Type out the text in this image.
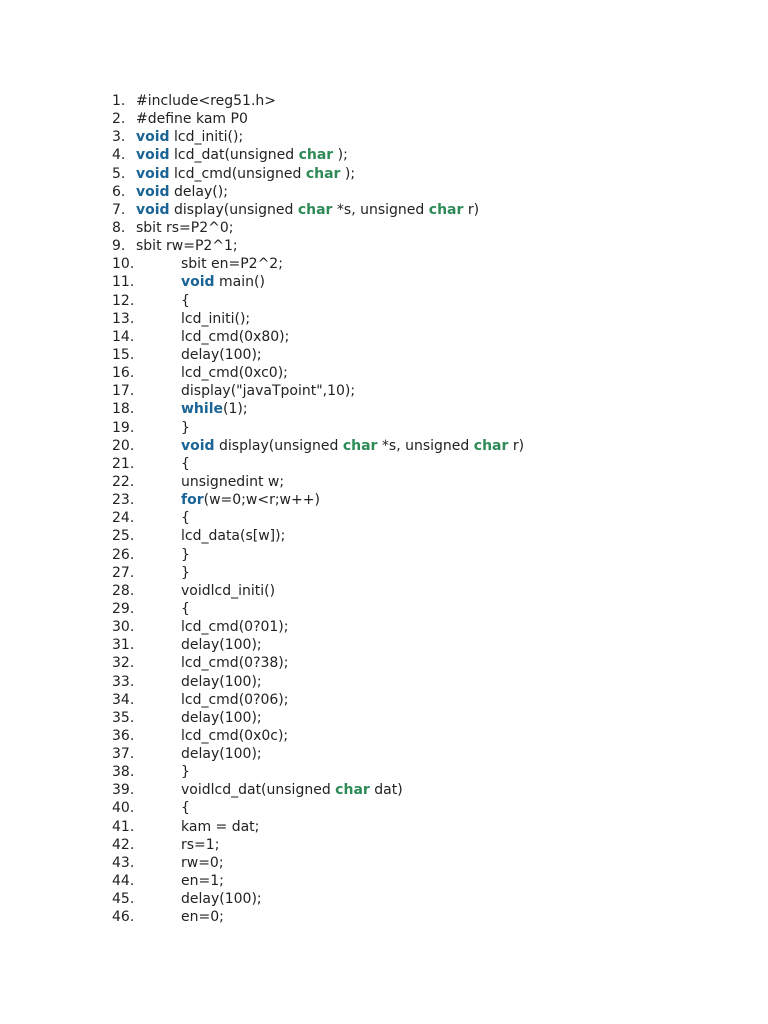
1. #include<reg51.h>
2. #define kam P0
3. void lcd_initi();
4. void lcd_dat(unsigned char );
5. void lcd_cmd(unsigned char );
6. void delay();
7. void display(unsigned char *s, unsigned char r)
8. sbit rs=P2^0;
9. sbit rw=P2^1;
10.	sbit en=P2^2;
11.	void main()
12.	{
13.	lcd_initi();
14.	lcd_cmd(0x80);
15.	delay(100);
16.	lcd_cmd(0xc0);
17.	display("javaTpoint",10);
18.	while(1);
19.	}
20.	void display(unsigned char *s, unsigned char r)
21.	{
22.	unsignedint w;
23.	for(w=0;w<r;w++)
24.	{
25.	lcd_data(s[w]);
26.	}
27.	}
28.	voidlcd_initi()
29.	{
30.	lcd_cmd(0?01);
31.	delay(100);
32.	lcd_cmd(0?38);
33.	delay(100);
34.	lcd_cmd(0?06);
35.	delay(100);
36.	lcd_cmd(0x0c);
37.	delay(100);
38.	}
39.	voidlcd_dat(unsigned char dat)
40.	{
41.	kam = dat;
42.	rs=1;
43.	rw=0;
44.	en=1;
45.	delay(100);
46.	en=0;
